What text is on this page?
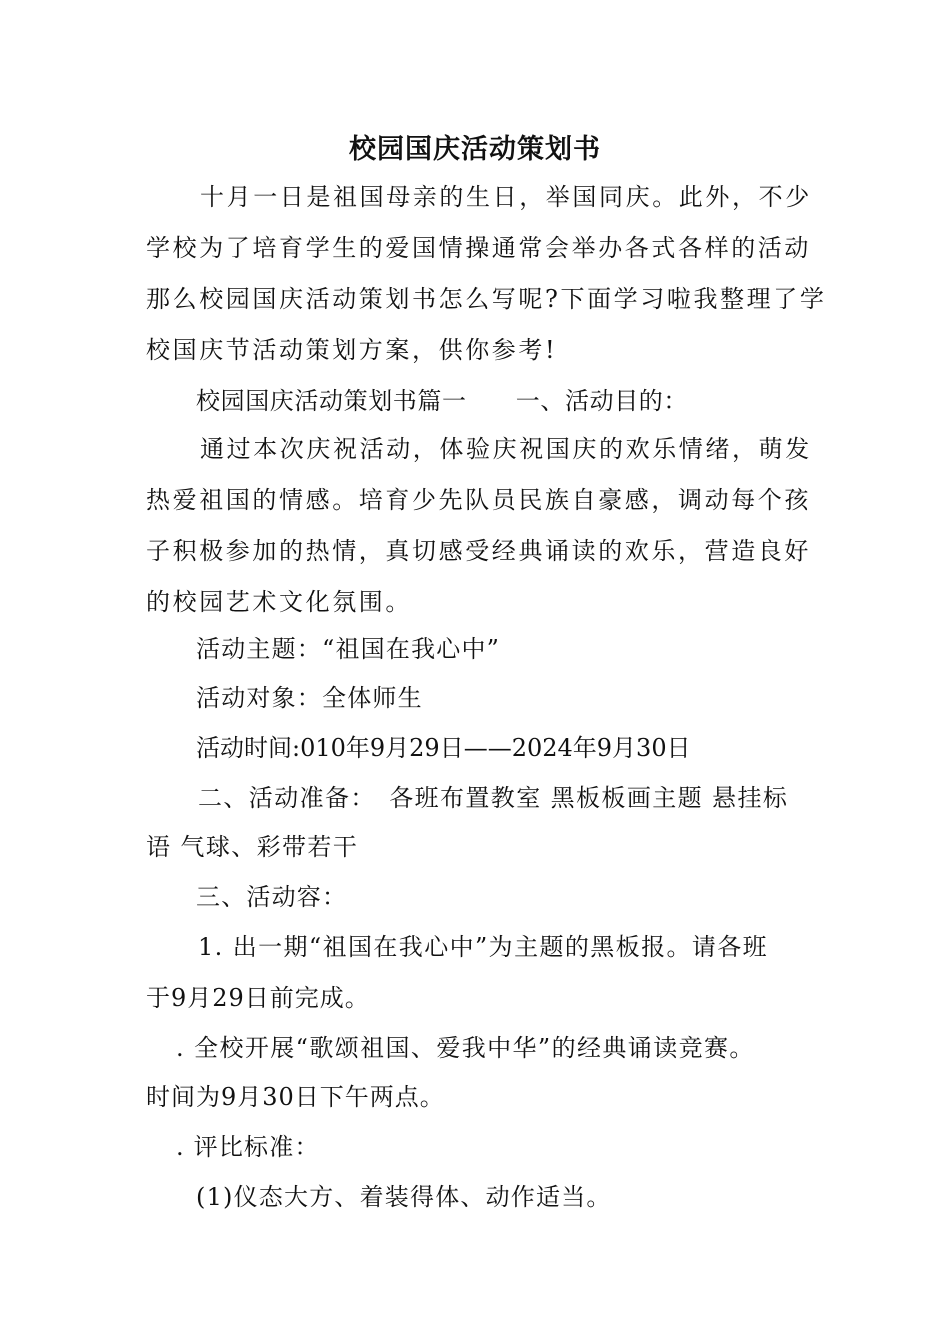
校园国庆活动策划书
十月一日是祖国母亲的生日，举国同庆。此外，不少
学校为了培育学生的爱国情操通常会举办各式各样的活动
那么校园国庆活动策划书怎么写呢?下面学习啦我整理了学
校国庆节活动策划方案，供你参考!
校园国庆活动策划书篇一　　一、活动目的：
通过本次庆祝活动，体验庆祝国庆的欢乐情绪，萌发
热爱祖国的情感。培育少先队员民族自豪感，调动每个孩
子积极参加的热情，真切感受经典诵读的欢乐，营造良好
的校园艺术文化氛围。
活动主题：“祖国在我心中”
活动对象：全体师生
活动时间:010年9月29日——2024年9月30日
二、活动准备：　各班布置教室 黑板板画主题 悬挂标
语 气球、彩带若干
三、活动容：
1. 出一期“祖国在我心中”为主题的黑板报。请各班
于9月29日前完成。
. 全校开展“歌颂祖国、爱我中华”的经典诵读竞赛。
时间为9月30日下午两点。
. 评比标准：
(1)仪态大方、着装得体、动作适当。
